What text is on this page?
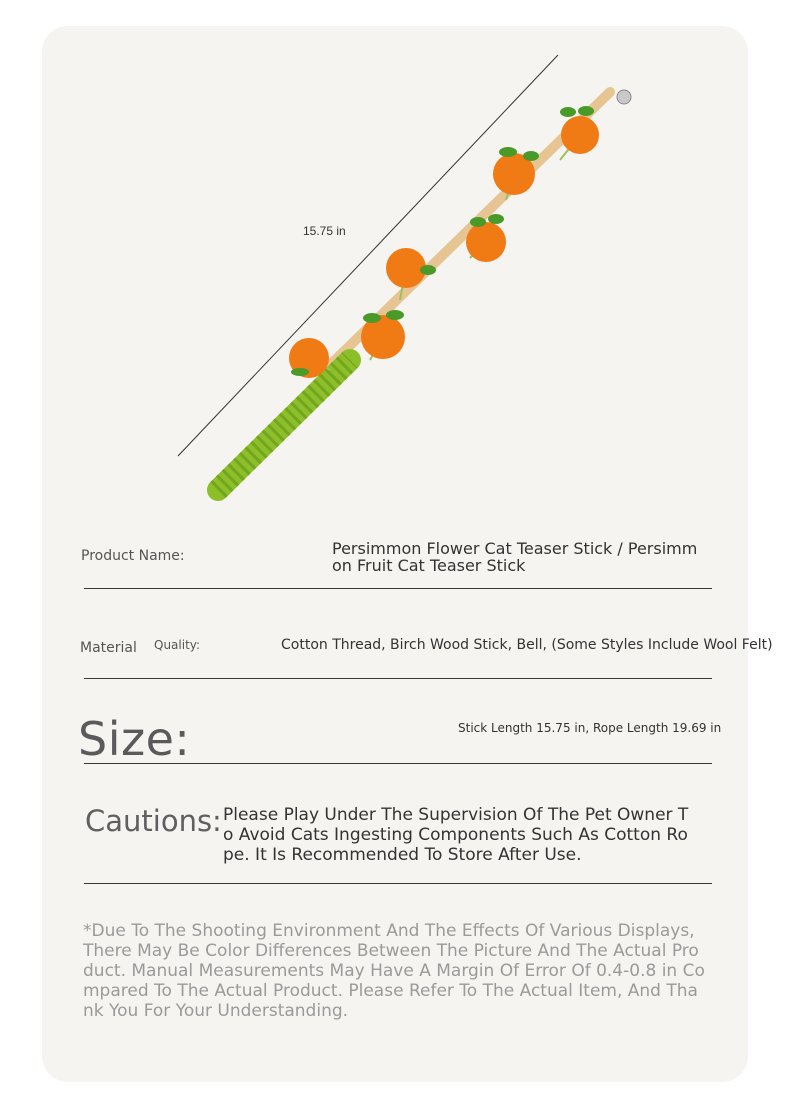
15.75 in
Product Name:	Persimmon Flower Cat Teaser Stick / Persimmon Fruit Cat Teaser Stick
Material Quality:	Cotton Thread, Birch Wood Stick, Bell, (Some Styles Include Wool Felt)
Size:	Stick Length 15.75 in, Rope Length 19.69 in
Cautions: Please Play Under The Supervision Of The Pet Owner To Avoid Cats Ingesting Components Such As Cotton Rope. It Is Recommended To Store After Use.
*Due To The Shooting Environment And The Effects Of Various Displays, There May Be Color Differences Between The Picture And The Actual Product. Manual Measurements May Have A Margin Of Error Of 0.4-0.8 in Compared To The Actual Product. Please Refer To The Actual Item, And Thank You For Your Understanding.
